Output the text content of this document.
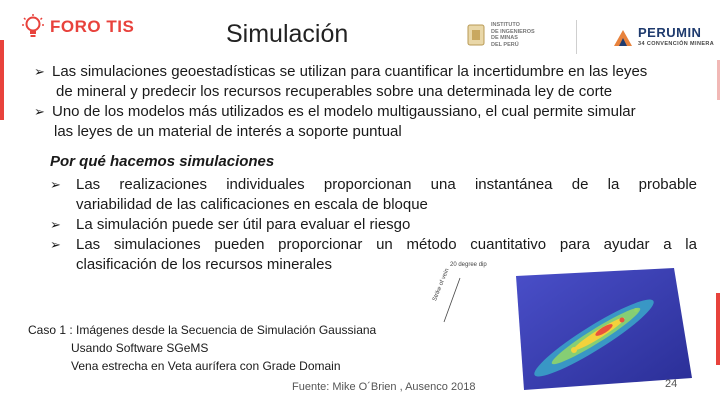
FORO TIS	Simulación	INSTITUTO
DE INGENIEROS
DE MINAS
DEL PERÚ
PERUMIN
34 CONVENCIÓN MINERA
➢ Las simulaciones geoestadísticas se utilizan para cuantificar la incertidumbre en las leyes
de mineral y predecir los recursos recuperables sobre una determinada ley de corte
➢ Uno de los modelos más utilizados es el modelo multigaussiano, el cual permite simular
las leyes de un material de interés a soporte puntual
Por qué hacemos simulaciones
➢	Las realizaciones individuales proporcionan una instantánea de la probable
variabilidad de las calificaciones en escala de bloque
➢	La simulación puede ser útil para evaluar el riesgo
➢	Las simulaciones pueden proporcionar un método cuantitativo para ayudar a la
clasificación de los recursos minerales	20 degree dip
Strike of vein
Caso 1 : Imágenes desde la Secuencia de Simulación Gaussiana
Usando Software SGeMS
Vena estrecha en Veta aurífera con Grade Domain
Fuente: Mike O´Brien , Ausenco 2018	24
